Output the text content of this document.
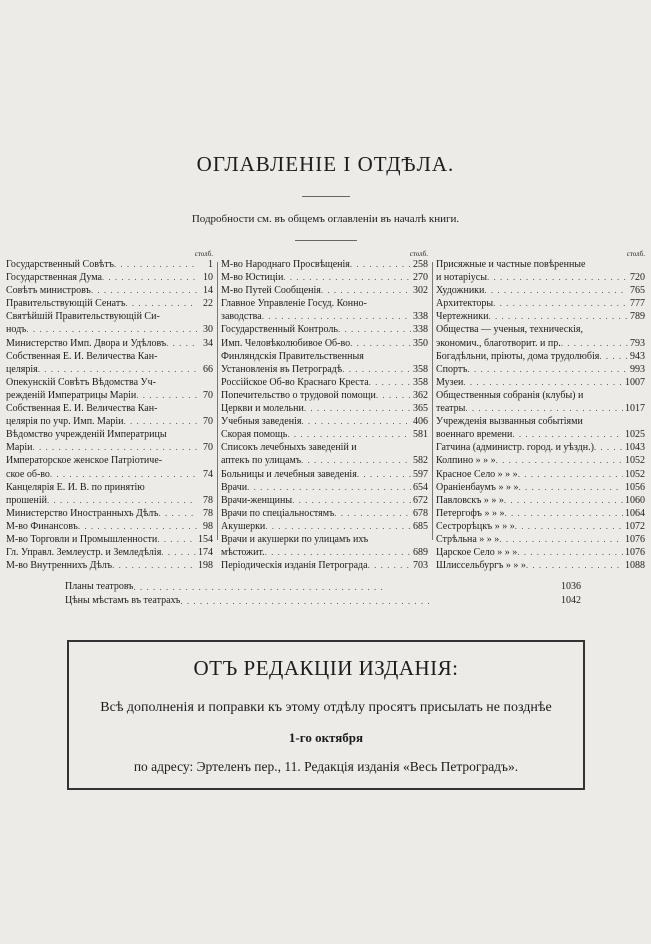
ОГЛАВЛЕНІЕ I ОТДѢЛА.
Подробности см. въ общемъ оглавленіи въ началѣ книги.
столб.
Государственный Совѣтъ . . .	1
Государственная Дума . . .	10
Совѣтъ министровъ . . .	14
Правительствующій Сенатъ . . .	22
Святѣйшій Правительствующій Си-
нодъ . . .	30
Министерство Имп. Двора и Удѣловъ . . .	34
Собственная Е. И. Величества Кан-
целярія . . .	66
Опекунскій Совѣтъ Вѣдомства Уч-
режденій Императрицы Маріи . . .	70
Собственная Е. И. Величества Кан-
целярія по учр. Имп. Маріи . . .	70
Вѣдомство учрежденій Императрицы
Маріи . . .	70
Императорское женское Патріотиче-
ское об-во . . .	74
Канцелярія Е. И. В. по принятію
прошеній . . .	78
Министерство Иностранныхъ Дѣлъ . . .	78
М-во Финансовъ . . .	98
М-во Торговли и Промышленности . . .	154
Гл. Управл. Землеустр. и Земледѣлія . . .	174
М-во Внутреннихъ Дѣлъ . . .	198
столб.
М-во Народнаго Просвѣщенія . . .	258
М-во Юстиціи . . .	270
М-во Путей Сообщенія . . .	302
Главное Управленіе Госуд. Конно-
заводства . . .	338
Государственный Контроль . . .	338
Имп. Человѣколюбивое Об-во . . .	350
Финляндскія Правительственныя
Установленія въ Петроградѣ . . .	358
Россійское Об-во Краснаго Креста . . .	358
Попечительство о трудовой помощи . . .	362
Церкви и молельни . . .	365
Учебныя заведенія . . .	406
Скорая помощь . . .	581
Списокъ лечебныхъ заведеній и
аптекъ по улицамъ . . .	582
Больницы и лечебныя заведенія . . .	597
Врачи . . .	654
Врачи-женщины . . .	672
Врачи по спеціальностямъ . . .	678
Акушерки . . .	685
Врачи и акушерки по улицамъ ихъ
мѣстожит. . . .	689
Періодическія изданія Петрограда . . .	703
столб.
Присяжные и частные повѣренные
и нотаріусы . . .	720
Художники . . .	765
Архитекторы . . .	777
Чертежники . . .	789
Общества — ученыя, техническія,
экономич., благотворит. и пр. . . .	793
Богадѣльни, пріюты, дома трудолюбія . . .	943
Спортъ . . .	993
Музеи . . .	1007
Общественныя собранія (клубы) и
театры . . .	1017
Учрежденія вызванныя событіями
военнаго времени . . .	1025
Гатчина (администр. город. и уѣздн.) . . .	1043
Колпино » » » . . .	1052
Красное Село » » » . . .	1052
Ораніенбаумъ » » » . . .	1056
Павловскъ » » » . . .	1060
Петергофъ » » » . . .	1064
Сестрорѣцкъ » » » . . .	1072
Стрѣльна » » » . . .	1076
Царское Село » » » . . .	1076
Шлиссельбургъ » » » . . .	1088
Планы театровъ . . .	1036
Цѣны мѣстамъ въ театрахъ . . .	1042
ОТЪ РЕДАКЦІИ ИЗДАНІЯ:
Всѣ дополненія и поправки къ этому отдѣлу просятъ присылать не позднѣе
1-го октября
по адресу: Эртеленъ пер., 11. Редакція изданія «Весь Петроградъ».
